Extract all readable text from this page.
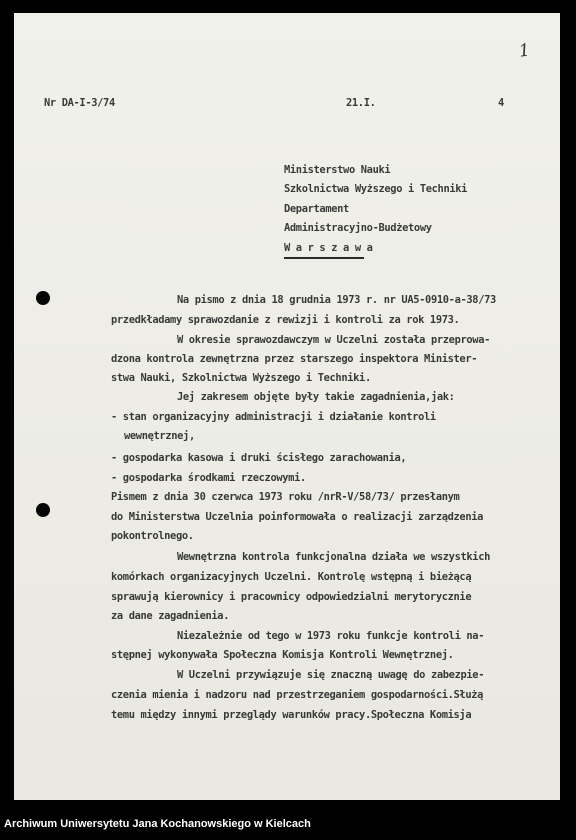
1
Nr DA-I-3/74	21.I.	4
Ministerstwo Nauki
Szkolnictwa Wyższego i Techniki
Departament
Administracyjno-Budżetowy
W a r s z a w a
Na pismo z dnia 18 grudnia 1973 r. nr UA5-0910-a-38/73
przedkładamy sprawozdanie z rewizji i kontroli za rok 1973.
W okresie sprawozdawczym w Uczelni została przeprowa-
dzona kontrola zewnętrzna przez starszego inspektora Minister-
stwa Nauki, Szkolnictwa Wyższego i Techniki.
Jej zakresem objęte były takie zagadnienia,jak:
- stan organizacyjny administracji i działanie kontroli
wewnętrznej,
- gospodarka kasowa i druki ścisłego zarachowania,
- gospodarka środkami rzeczowymi.
Pismem z dnia 30 czerwca 1973 roku /nrR-V/58/73/ przesłanym
do Ministerstwa Uczelnia poinformowała o realizacji zarządzenia
pokontrolnego.
Wewnętrzna kontrola funkcjonalna działa we wszystkich
komórkach organizacyjnych Uczelni. Kontrolę wstępną i bieżącą
sprawują kierownicy i pracownicy odpowiedzialni merytorycznie
za dane zagadnienia.
Niezależnie od tego w 1973 roku funkcje kontroli na-
stępnej wykonywała Społeczna Komisja Kontroli Wewnętrznej.
W Uczelni przywiązuje się znaczną uwagę do zabezpie-
czenia mienia i nadzoru nad przestrzeganiem gospodarności.Służą
temu między innymi przeglądy warunków pracy.Społeczna Komisja
Archiwum Uniwersytetu Jana Kochanowskiego w Kielcach
